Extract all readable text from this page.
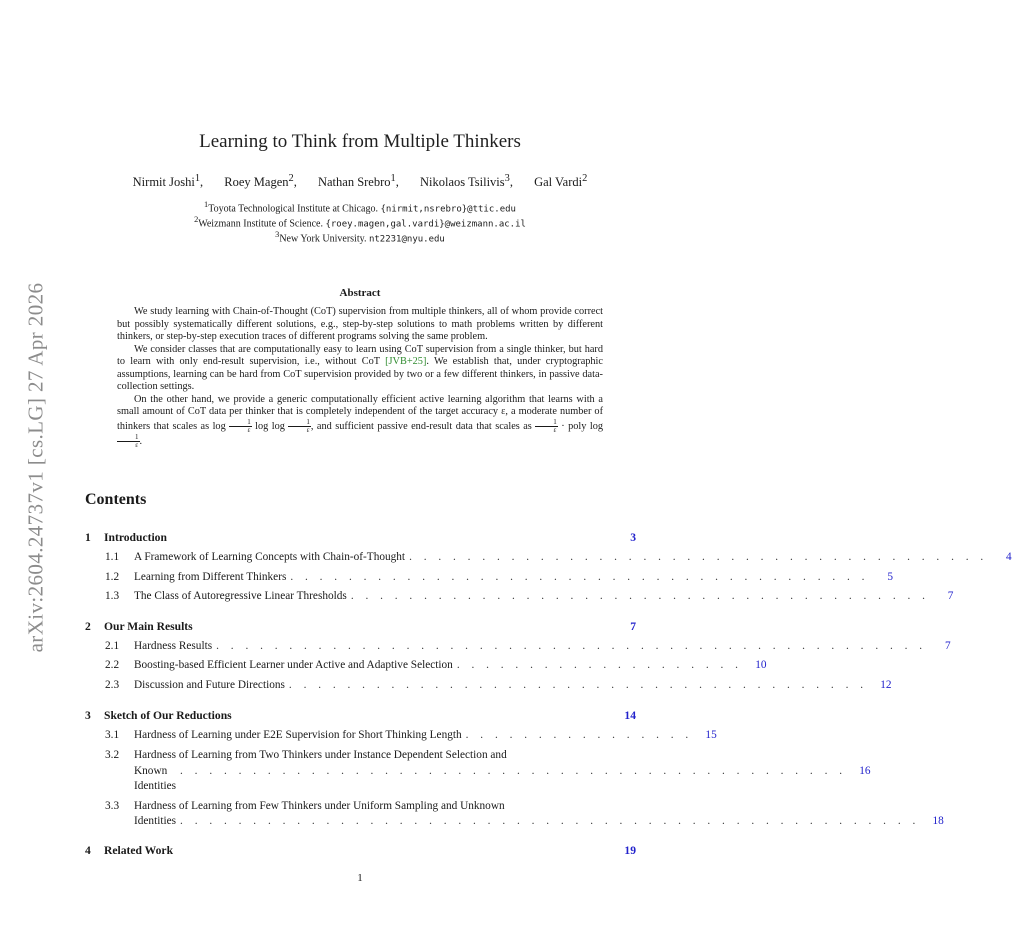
arXiv:2604.24737v1 [cs.LG] 27 Apr 2026
Learning to Think from Multiple Thinkers
Nirmit Joshi$^1$, Roey Magen$^2$, Nathan Srebro$^1$, Nikolaos Tsilivis$^3$, Gal Vardi$^2$
$^1$Toyota Technological Institute at Chicago. {nirmit,nsrebro}@ttic.edu
$^2$Weizmann Institute of Science. {roey.magen,gal.vardi}@weizmann.ac.il
$^3$New York University. nt2231@nyu.edu
Abstract

We study learning with Chain-of-Thought (CoT) supervision from multiple thinkers, all of whom provide correct but possibly systematically different solutions, e.g., step-by-step solutions to math problems written by different thinkers, or step-by-step execution traces of different programs solving the same problem.

We consider classes that are computationally easy to learn using CoT supervision from a single thinker, but hard to learn with only end-result supervision, i.e., without CoT [JVB+25]. We establish that, under cryptographic assumptions, learning can be hard from CoT supervision provided by two or a few different thinkers, in passive data-collection settings.

On the other hand, we provide a generic computationally efficient active learning algorithm that learns with a small amount of CoT data per thinker that is completely independent of the target accuracy ε, a moderate number of thinkers that scales as $\log \frac{1}{\varepsilon}$ $\log \log \frac{1}{\varepsilon}$ , and sufficient passive end-result data that scales as $\frac{1}{\varepsilon}$ · poly log
$\frac{1}{\varepsilon}$ .

Contents
1	Introduction	3
1.1	A Framework of Learning Concepts with Chain-of-Thought . . . . . . . . . . . . . . . . . . . . . . . . . . . . . . . . . . . . . . . .	4
1.2	Learning from Different Thinkers . . . . . . . . . . . . . . . . . . . . . . . . . . . . . . . . . . . . . . . .	5
1.3	The Class of Autoregressive Linear Thresholds . . . . . . . . . . . . . . . . . . . . . . . . . . . . . . . . . . . . . . . .	7
2	Our Main Results	7
2.1	Hardness Results . . . . . . . . . . . . . . . . . . . . . . . . . . . . . . . . . . . . . . . . . . . . . . . . .	7
2.2	Boosting-based Efficient Learner under Active and Adaptive Selection . . . . . . . . . . . . . . . . . . . .	10
2.3	Discussion and Future Directions . . . . . . . . . . . . . . . . . . . . . . . . . . . . . . . . . . . . . . . .	12
3	Sketch of Our Reductions	14
3.1	Hardness of Learning under E2E Supervision for Short Thinking Length . . . . . . . . . . . . . . . .	15
3.2	Hardness of Learning from Two Thinkers under Instance Dependent Selection and
Known Identities
. . . . . . . . . . . . . . . . . . . . . . . . . . . . . . . . . . . . . . . . . . . . . .	16
3.3	Hardness of Learning from Few Thinkers under Uniform Sampling and Unknown
Identities . . . . . . . . . . . . . . . . . . . . . . . . . . . . . . . . . . . . . . . . . . . . . . . . . . .	18
4	Related Work	19
1
